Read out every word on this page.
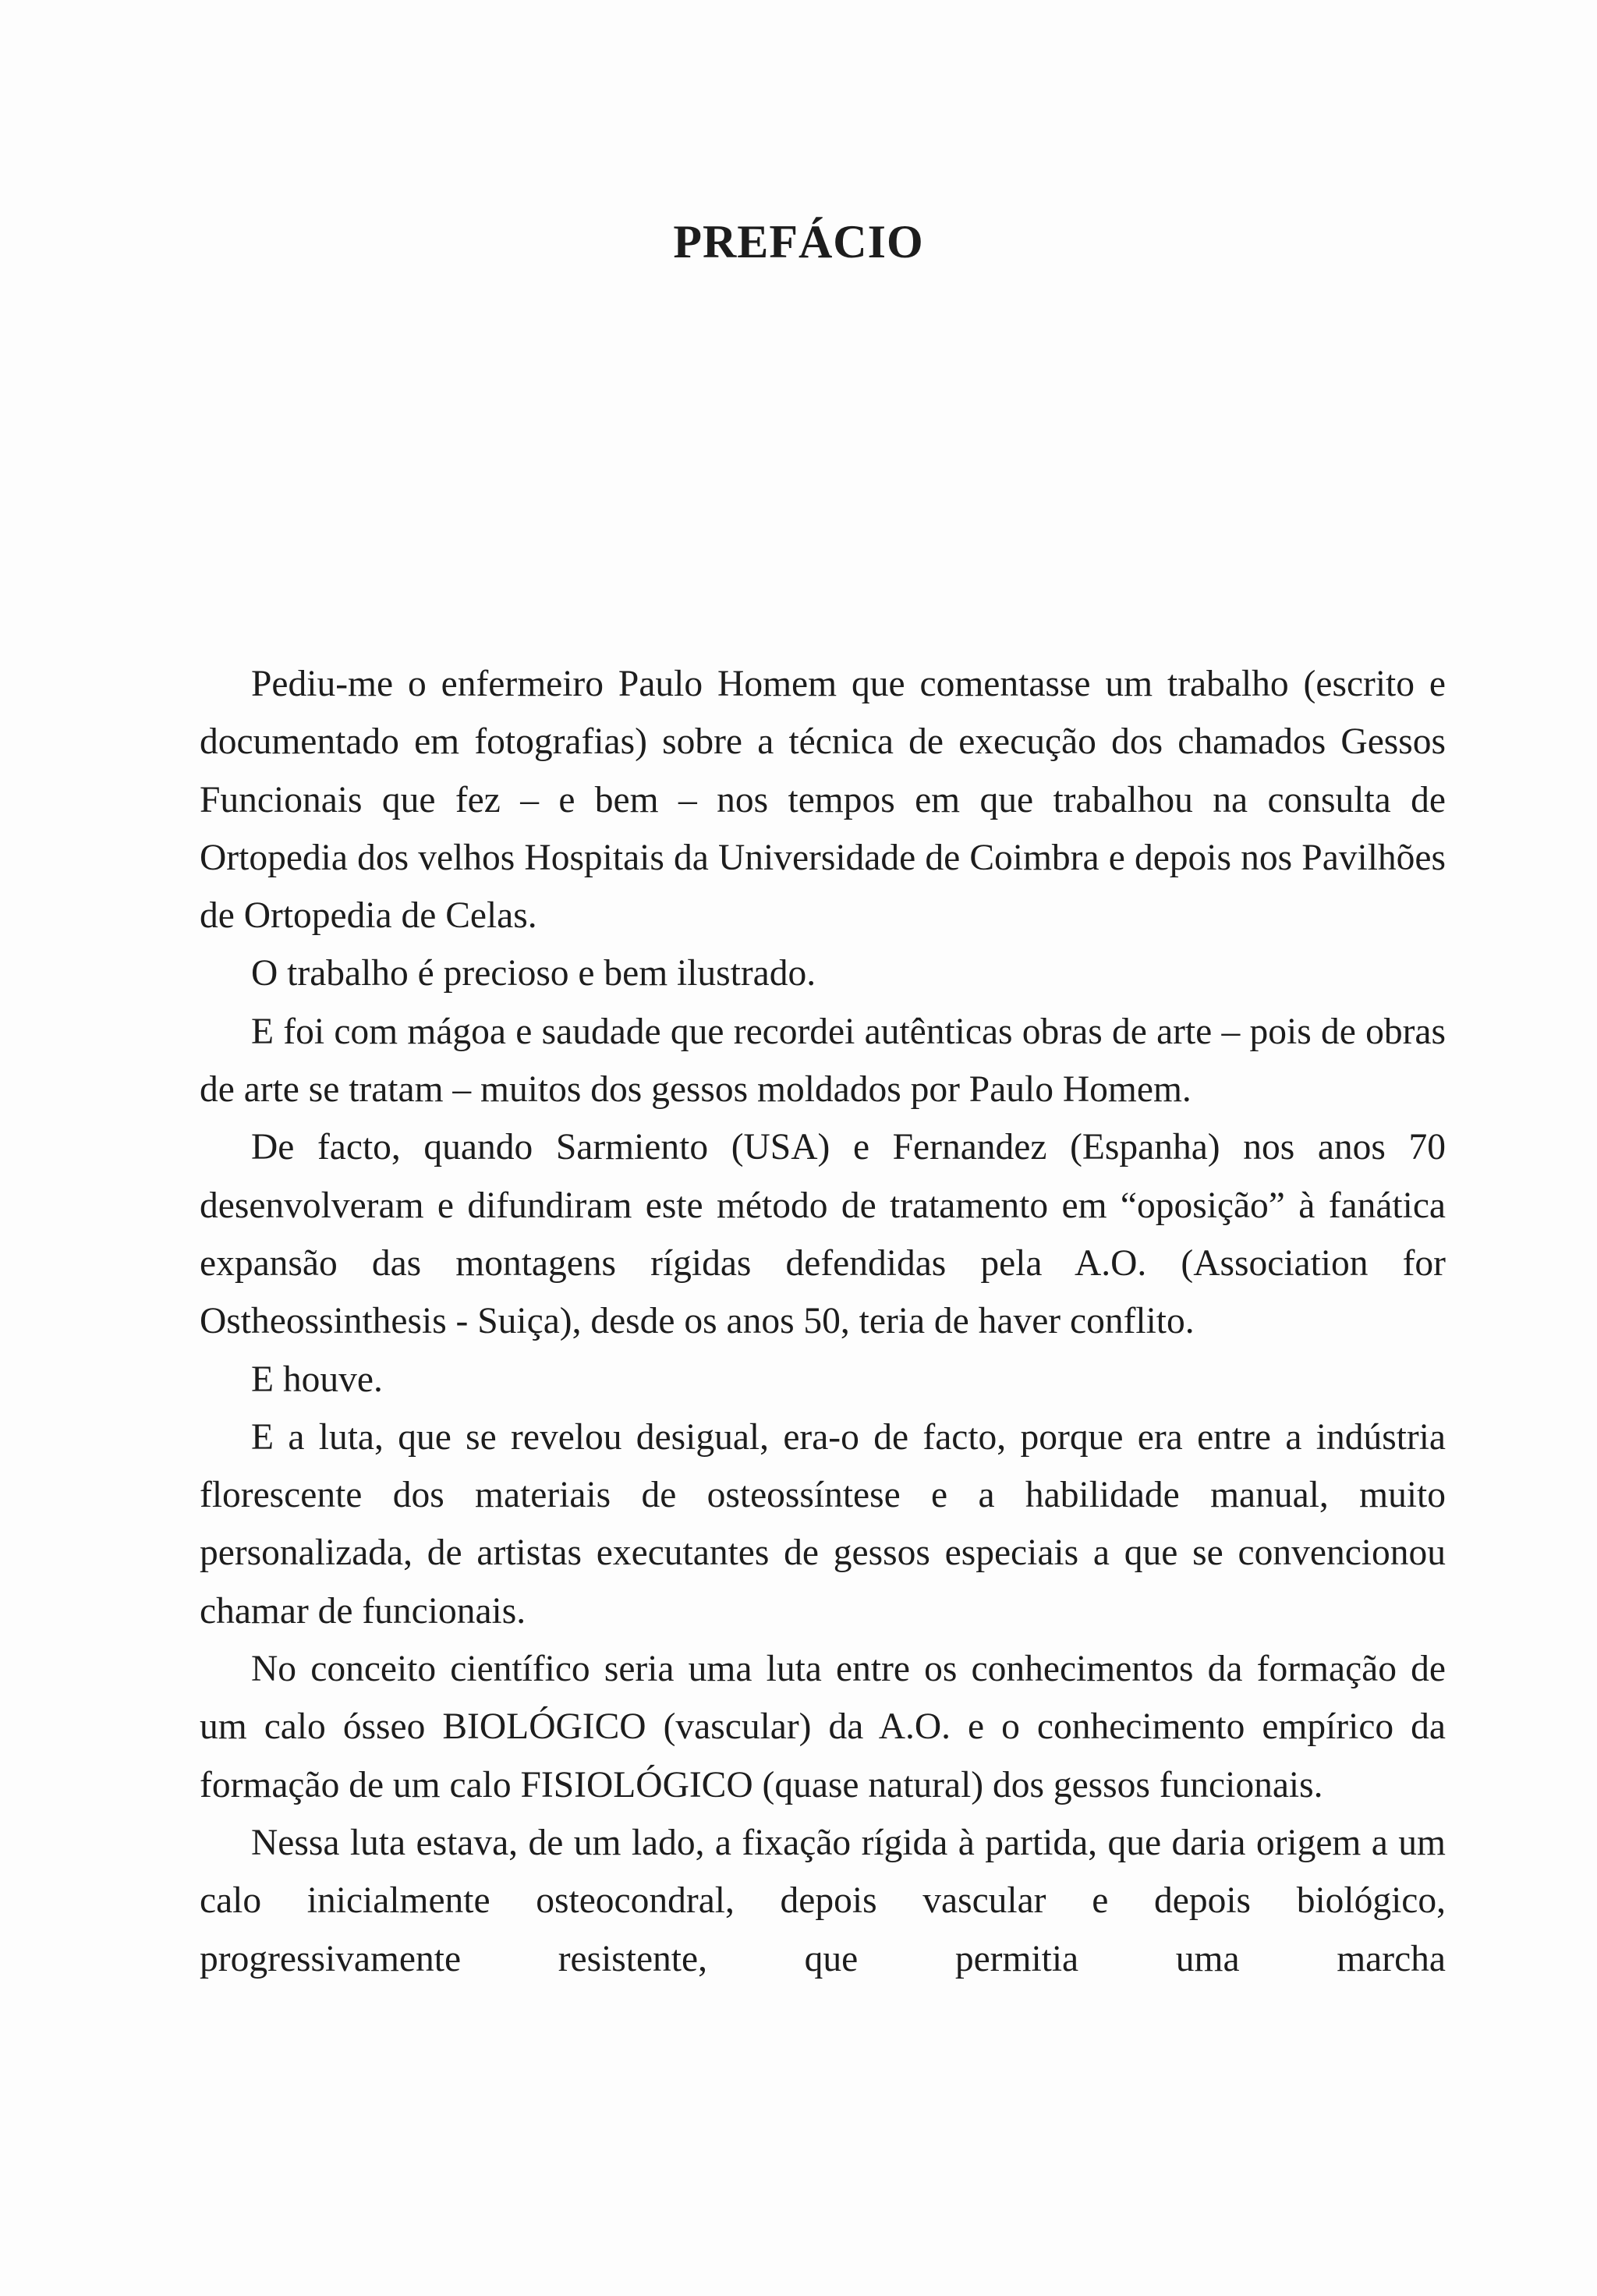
PREFÁCIO

Pediu-me o enfermeiro Paulo Homem que comentasse um trabalho (escrito e documentado em fotografias) sobre a técnica de execução dos chamados Gessos Funcionais que fez – e bem – nos tempos em que trabalhou na consulta de Ortopedia dos velhos Hospitais da Universidade de Coimbra e depois nos Pavilhões de Ortopedia de Celas.

O trabalho é precioso e bem ilustrado.

E foi com mágoa e saudade que recordei autênticas obras de arte – pois de obras de arte se tratam – muitos dos gessos moldados por Paulo Homem.

De facto, quando Sarmiento (USA) e Fernandez (Espanha) nos anos 70 desenvolveram e difundiram este método de tratamento em “oposição” à fanática expansão das montagens rígidas defendidas pela A.O. (Association for Ostheossinthesis - Suiça), desde os anos 50, teria de haver conflito.

E houve.

E a luta, que se revelou desigual, era-o de facto, porque era entre a indústria florescente dos materiais de osteossíntese e a habilidade manual, muito personalizada, de artistas executantes de gessos especiais a que se convencionou chamar de funcionais.

No conceito científico seria uma luta entre os conhecimentos da formação de um calo ósseo BIOLÓGICO (vascular) da A.O. e o conhecimento empírico da formação de um calo FISIOLÓGICO (quase natural) dos gessos funcionais.

Nessa luta estava, de um lado, a fixação rígida à partida, que daria origem a um calo inicialmente osteocondral, depois vascular e depois biológico, progressivamente resistente, que permitia uma marcha
